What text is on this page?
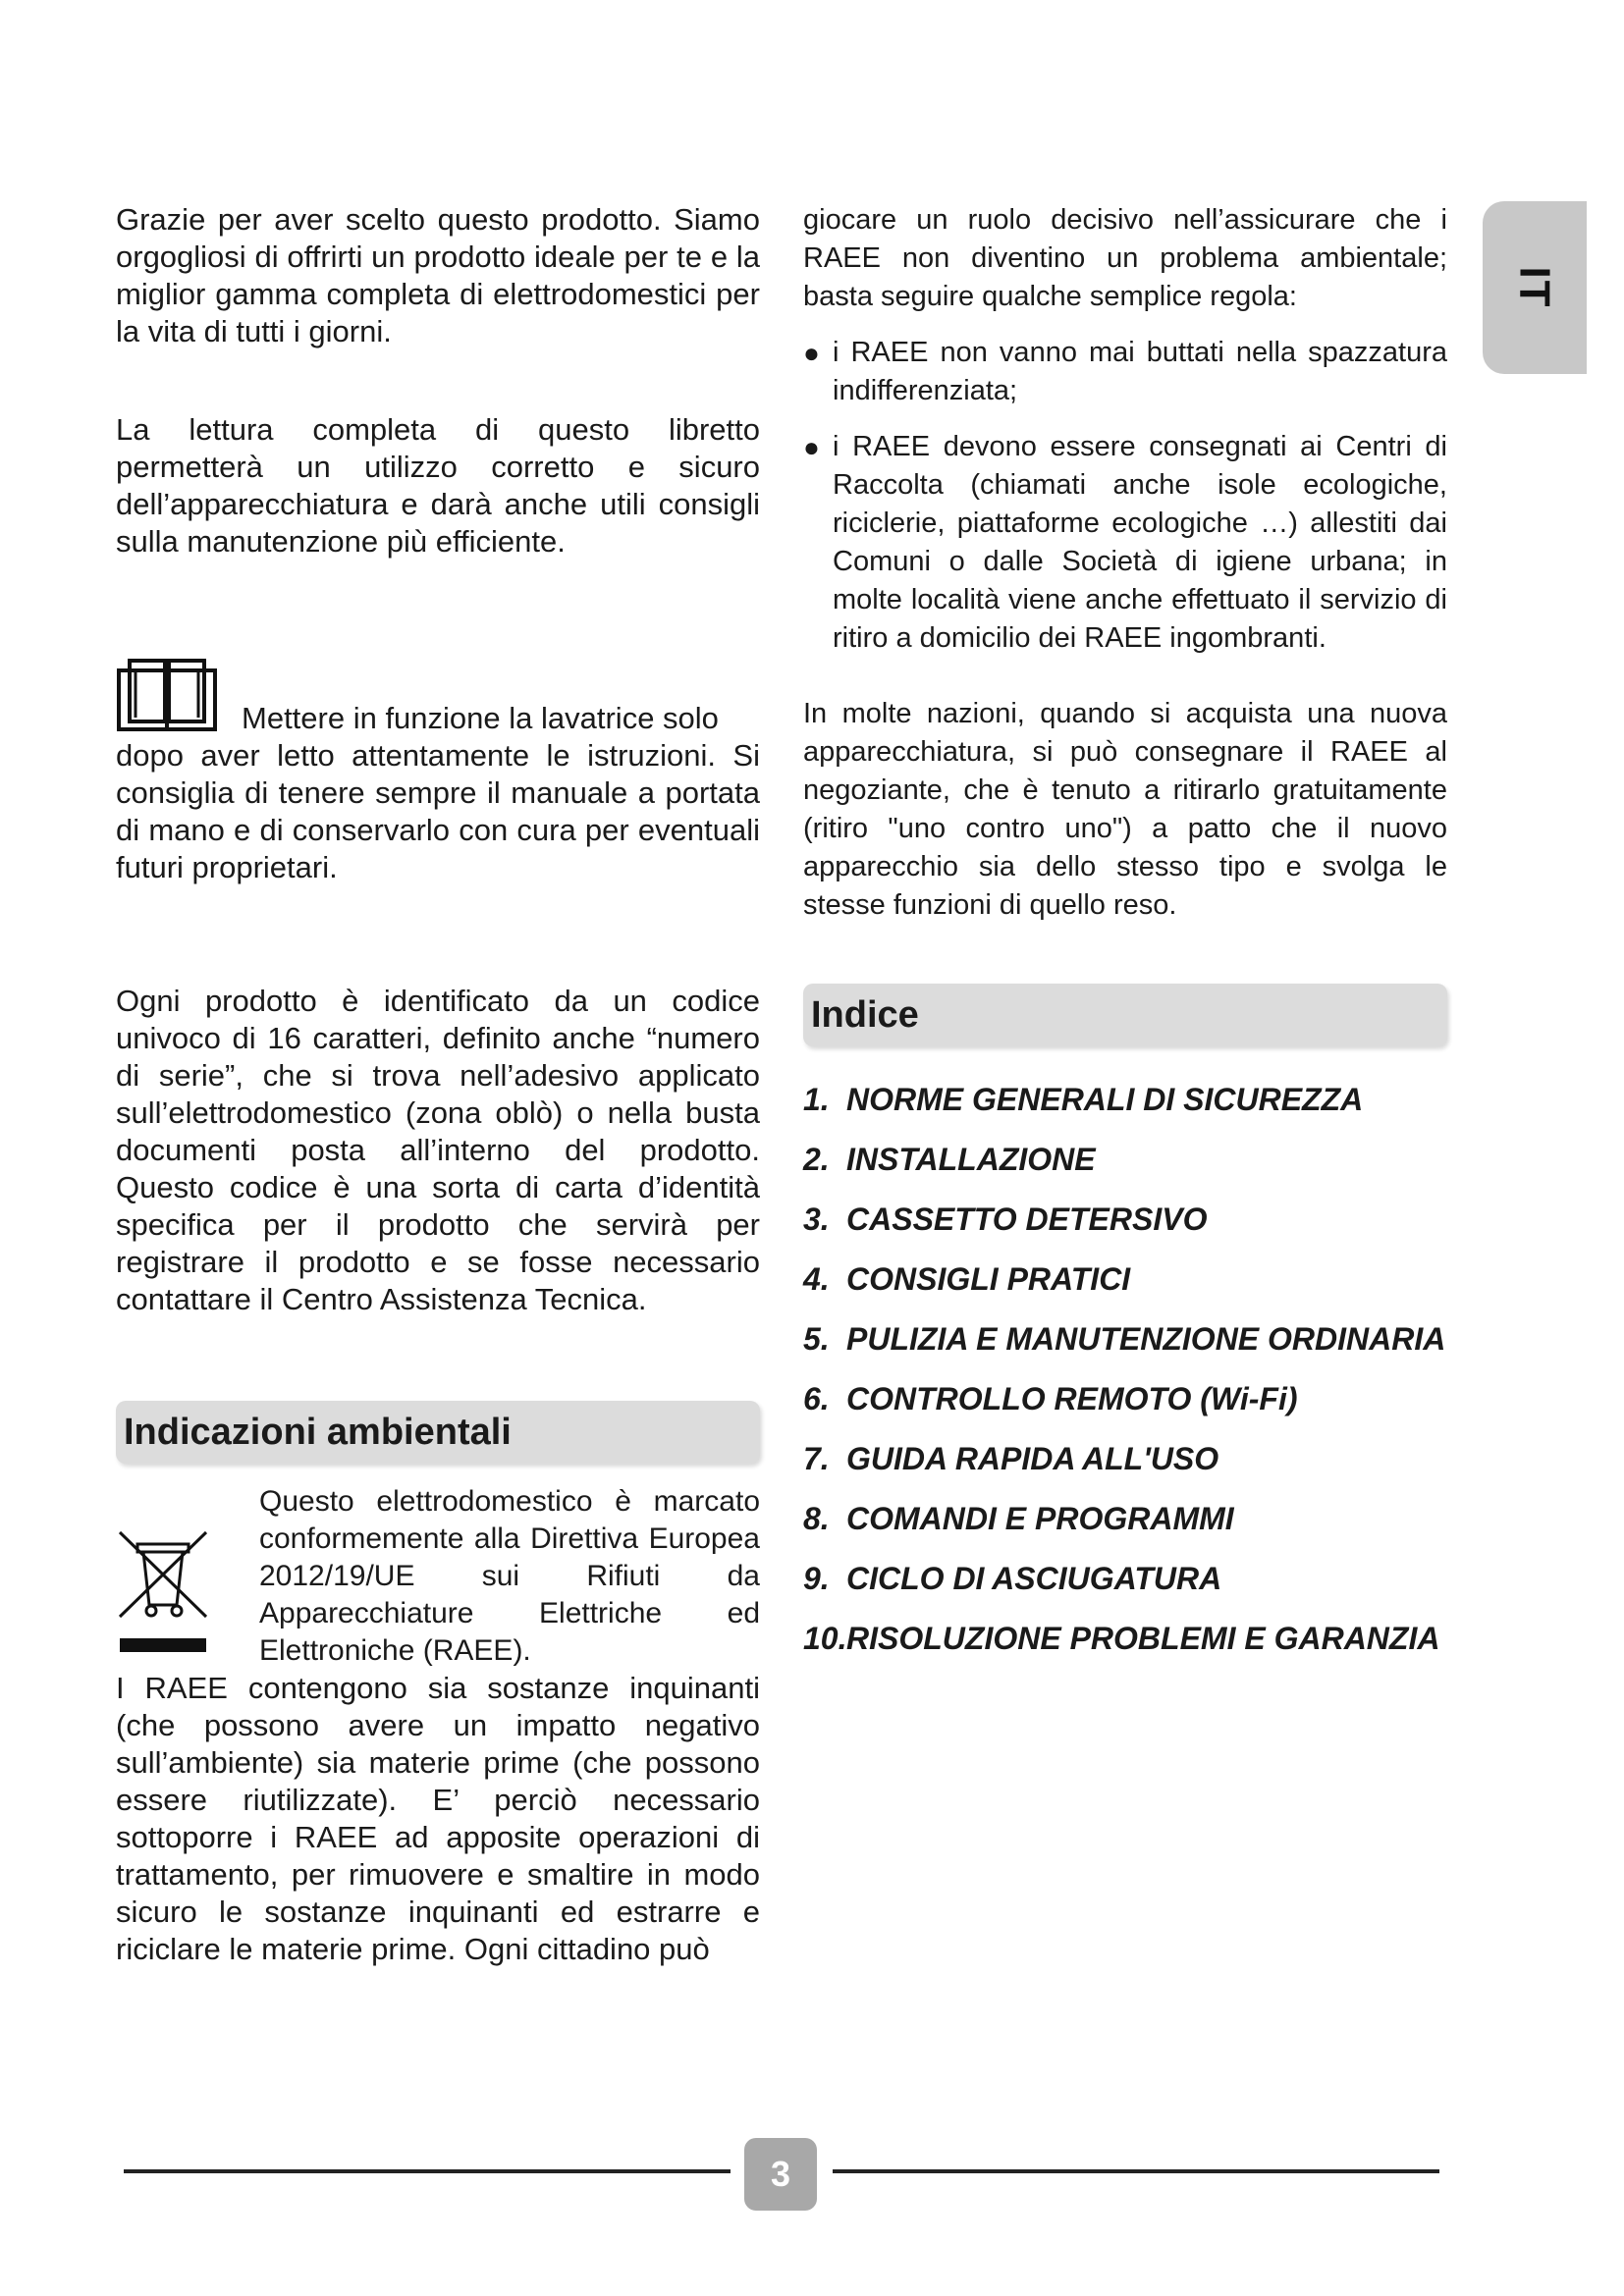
IT

Grazie per aver scelto questo prodotto. Siamo orgogliosi di offrirti un prodotto ideale per te e la miglior gamma completa di elettrodomestici per la vita di tutti i giorni.

La lettura completa di questo libretto permetterà un utilizzo corretto e sicuro dell’apparecchiatura e darà anche utili consigli sulla manutenzione più efficiente.

Mettere in funzione la lavatrice solo

dopo aver letto attentamente le istruzioni. Si consiglia di tenere sempre il manuale a portata di mano e di conservarlo con cura per eventuali futuri proprietari.

Ogni prodotto è identificato da un codice univoco di 16 caratteri, definito anche “numero di serie”, che si trova nell’adesivo applicato sull’elettrodomestico (zona oblò) o nella busta documenti posta all’interno del prodotto. Questo codice è una sorta di carta d’identità specifica per il prodotto che servirà per registrare il prodotto e se fosse necessario contattare il Centro Assistenza Tecnica.

Indicazioni ambientali

Questo elettrodomestico è marcato conformemente alla Direttiva Europea 2012/19/UE sui Rifiuti da Apparecchiature Elettriche ed Elettroniche (RAEE).

I RAEE contengono sia sostanze inquinanti (che possono avere un impatto negativo sull’ambiente) sia materie prime (che possono essere riutilizzate). E’ perciò necessario sottoporre i RAEE ad apposite operazioni di trattamento, per rimuovere e smaltire in modo sicuro le sostanze inquinanti ed estrarre e riciclare le materie prime. Ogni cittadino può

giocare un ruolo decisivo nell’assicurare che i RAEE non diventino un problema ambientale; basta seguire qualche semplice regola:

● i RAEE non vanno mai buttati nella spazzatura indifferenziata;

● i RAEE devono essere consegnati ai Centri di Raccolta (chiamati anche isole ecologiche, riciclerie, piattaforme ecologiche …) allestiti dai Comuni o dalle Società di igiene urbana; in molte località viene anche effettuato il servizio di ritiro a domicilio dei RAEE ingombranti.

In molte nazioni, quando si acquista una nuova apparecchiatura, si può consegnare il RAEE al negoziante, che è tenuto a ritirarlo gratuitamente (ritiro "uno contro uno") a patto che il nuovo apparecchio sia dello stesso tipo e svolga le stesse funzioni di quello reso.

Indice
1. NORME GENERALI DI SICUREZZA
2. INSTALLAZIONE
3. CASSETTO DETERSIVO
4. CONSIGLI PRATICI
5. PULIZIA E MANUTENZIONE ORDINARIA
6. CONTROLLO REMOTO (Wi-Fi)
7. GUIDA RAPIDA ALL'USO
8. COMANDI E PROGRAMMI
9. CICLO DI ASCIUGATURA
10. RISOLUZIONE PROBLEMI E GARANZIA
3
